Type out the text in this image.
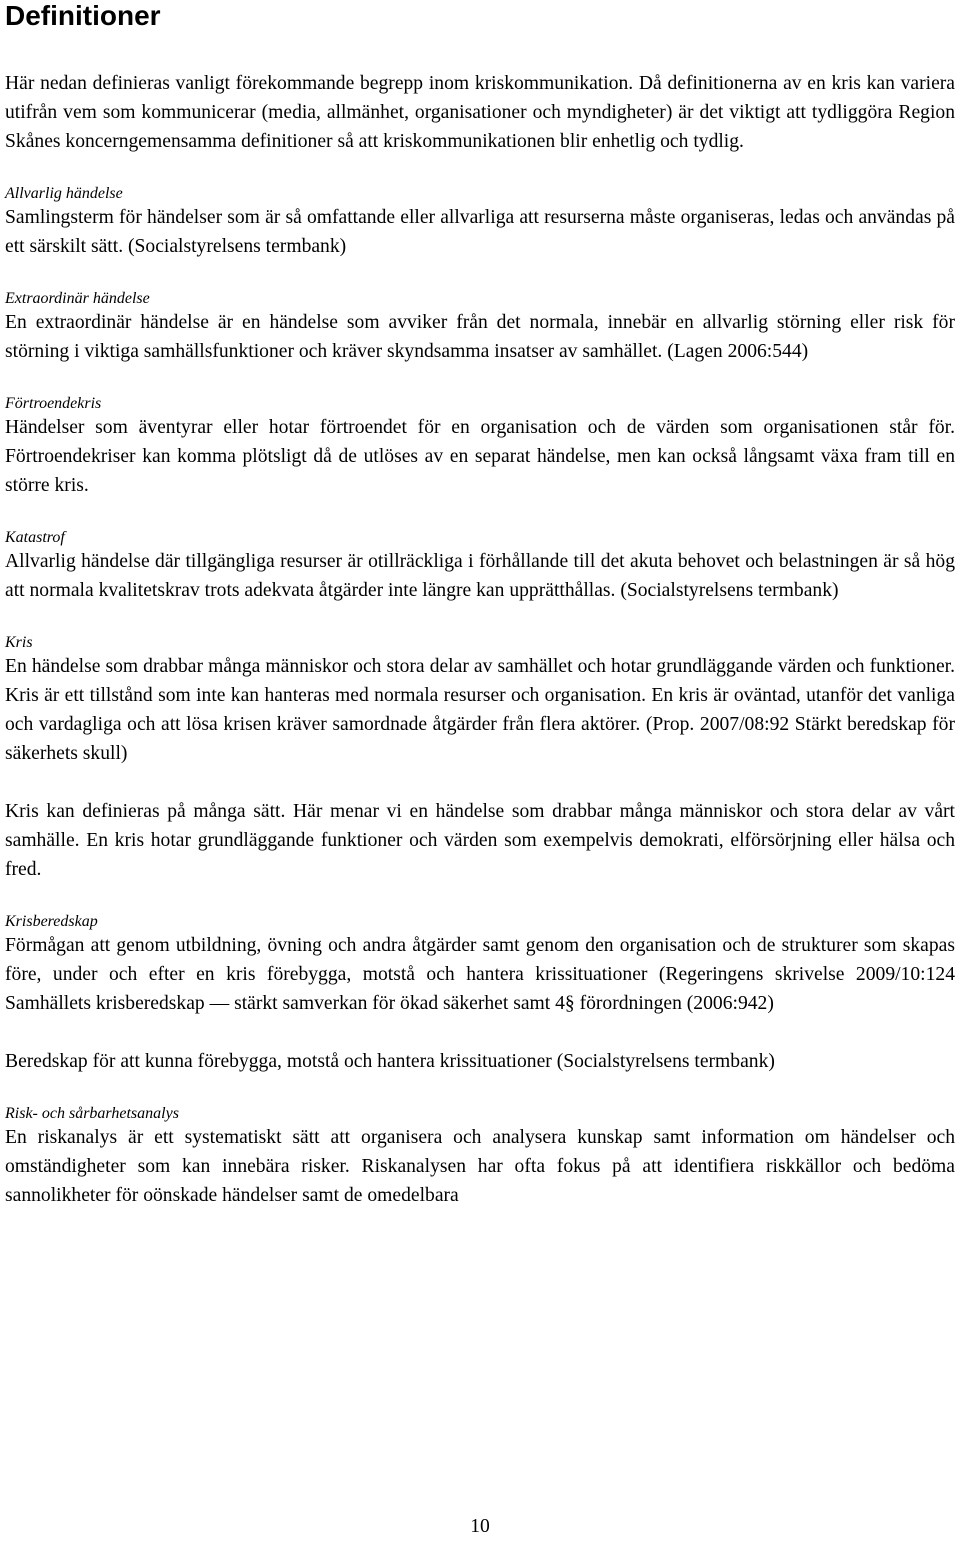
Definitioner

Här nedan definieras vanligt förekommande begrepp inom kriskommunikation. Då definitionerna av en kris kan variera utifrån vem som kommunicerar (media, allmänhet, organisationer och myndigheter) är det viktigt att tydliggöra Region Skånes koncerngemensamma definitioner så att kriskommunikationen blir enhetlig och tydlig.

Allvarlig händelse

Samlingsterm för händelser som är så omfattande eller allvarliga att resurserna måste organiseras, ledas och användas på ett särskilt sätt. (Socialstyrelsens termbank)

Extraordinär händelse

En extraordinär händelse är en händelse som avviker från det normala, innebär en allvarlig störning eller risk för störning i viktiga samhällsfunktioner och kräver skyndsamma insatser av samhället. (Lagen 2006:544)

Förtroendekris

Händelser som äventyrar eller hotar förtroendet för en organisation och de värden som organisationen står för. Förtroendekriser kan komma plötsligt då de utlöses av en separat händelse, men kan också långsamt växa fram till en större kris.

Katastrof

Allvarlig händelse där tillgängliga resurser är otillräckliga i förhållande till det akuta behovet och belastningen är så hög att normala kvalitetskrav trots adekvata åtgärder inte längre kan upprätthållas. (Socialstyrelsens termbank)

Kris

En händelse som drabbar många människor och stora delar av samhället och hotar grundläggande värden och funktioner. Kris är ett tillstånd som inte kan hanteras med normala resurser och organisation. En kris är oväntad, utanför det vanliga och vardagliga och att lösa krisen kräver samordnade åtgärder från flera aktörer. (Prop. 2007/08:92 Stärkt beredskap för säkerhets skull)

Kris kan definieras på många sätt. Här menar vi en händelse som drabbar många människor och stora delar av vårt samhälle. En kris hotar grundläggande funktioner och värden som exempelvis demokrati, elförsörjning eller hälsa och fred.

Krisberedskap

Förmågan att genom utbildning, övning och andra åtgärder samt genom den organisation och de strukturer som skapas före, under och efter en kris förebygga, motstå och hantera krissituationer (Regeringens skrivelse 2009/10:124 Samhällets krisberedskap — stärkt samverkan för ökad säkerhet samt 4§ förordningen (2006:942)

Beredskap för att kunna förebygga, motstå och hantera krissituationer (Socialstyrelsens termbank)

Risk- och sårbarhetsanalys

En riskanalys är ett systematiskt sätt att organisera och analysera kunskap samt information om händelser och omständigheter som kan innebära risker. Riskanalysen har ofta fokus på att identifiera riskkällor och bedöma sannolikheter för oönskade händelser samt de omedelbara

10
